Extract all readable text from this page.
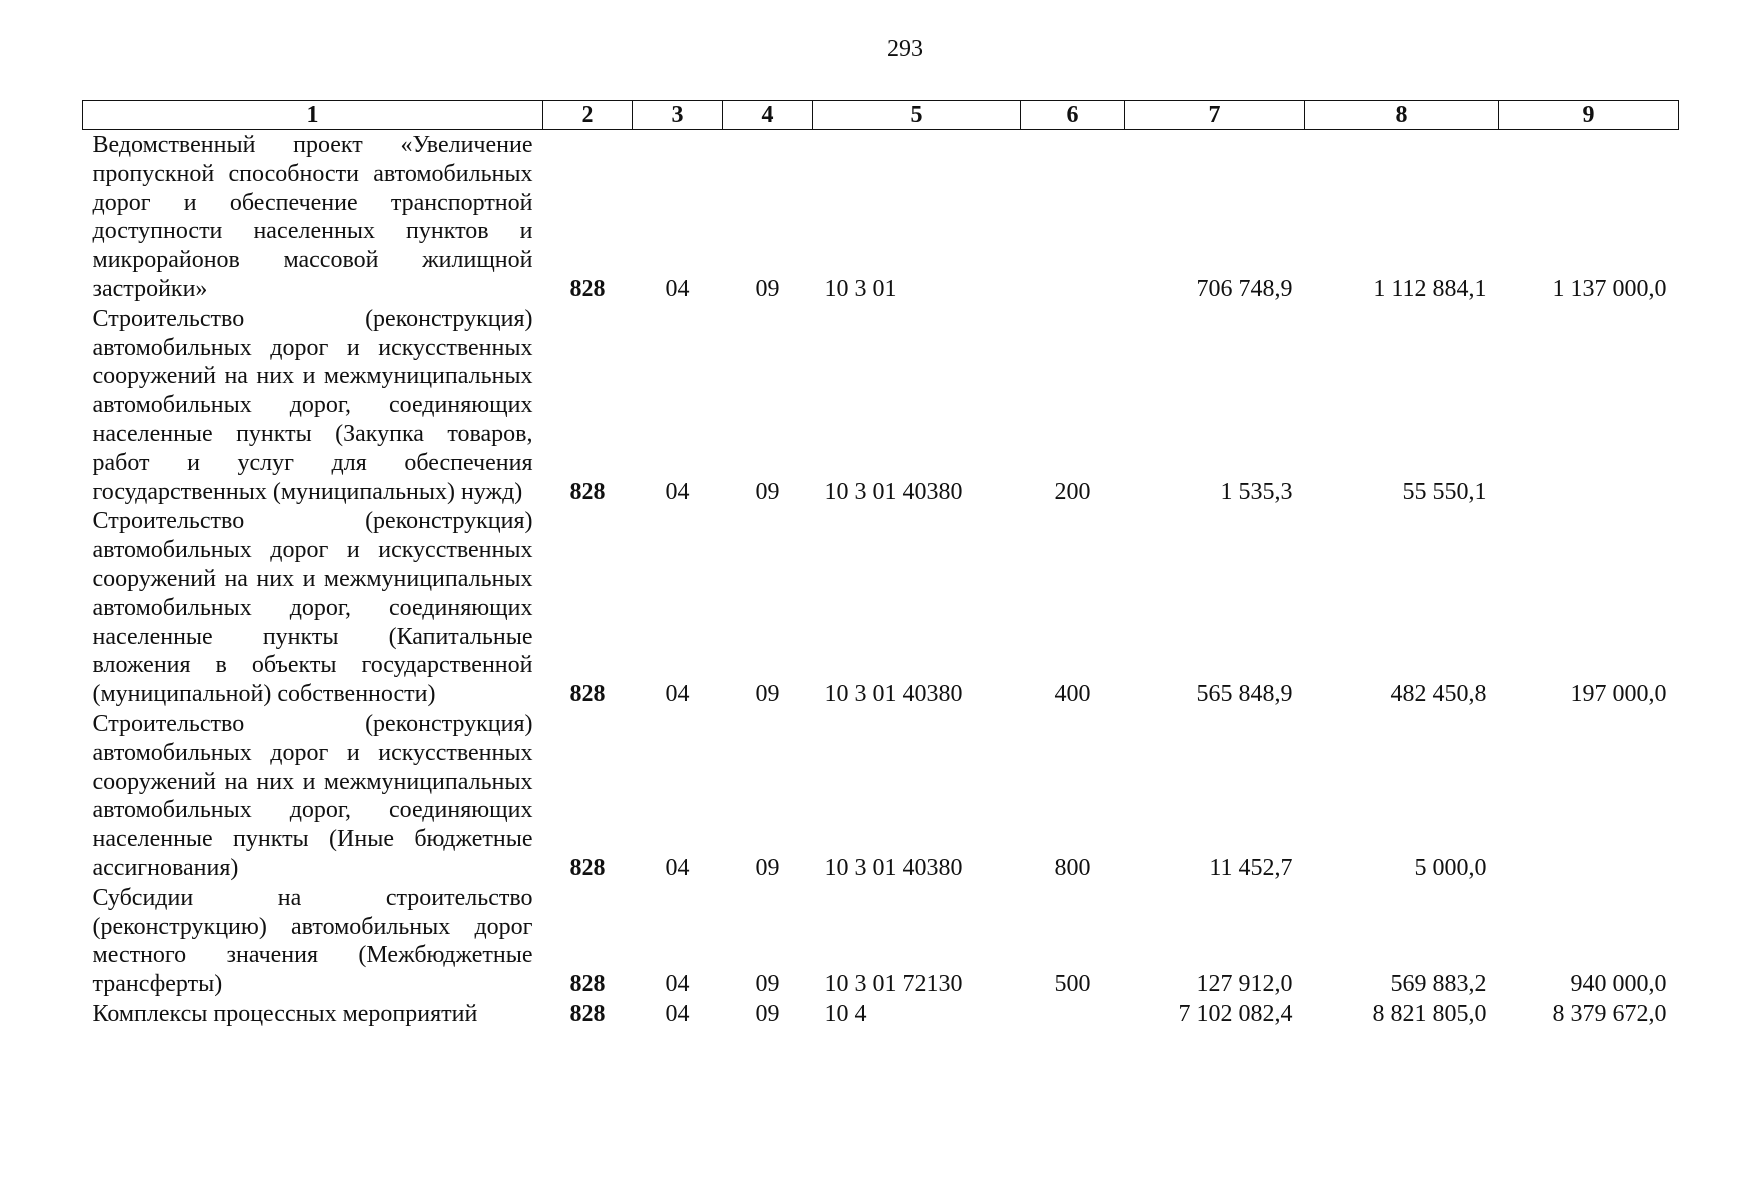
293
1	2	3	4	5	6	7	8	9
Ведомственный проект «Увеличение пропускной способности автомобильных дорог и обеспечение транспортной доступности населенных пунктов и микрорайонов массовой жилищной застройки»	828	04	09	10 3 01		706 748,9	1 112 884,1	1 137 000,0
Строительство (реконструкция) автомобильных дорог и искусственных сооружений на них и межмуниципальных автомобильных дорог, соединяющих населенные пункты (Закупка товаров, работ и услуг для обеспечения государственных (муниципальных) нужд)	828	04	09	10 3 01 40380	200	1 535,3	55 550,1	
Строительство (реконструкция) автомобильных дорог и искусственных сооружений на них и межмуниципальных автомобильных дорог, соединяющих населенные пункты (Капитальные вложения в объекты государственной (муниципальной) собственности)	828	04	09	10 3 01 40380	400	565 848,9	482 450,8	197 000,0
Строительство (реконструкция) автомобильных дорог и искусственных сооружений на них и межмуниципальных автомобильных дорог, соединяющих населенные пункты (Иные бюджетные ассигнования)	828	04	09	10 3 01 40380	800	11 452,7	5 000,0	
Субсидии на строительство (реконструкцию) автомобильных дорог местного значения (Межбюджетные трансферты)	828	04	09	10 3 01 72130	500	127 912,0	569 883,2	940 000,0
Комплексы процессных мероприятий	828	04	09	10 4		7 102 082,4	8 821 805,0	8 379 672,0
